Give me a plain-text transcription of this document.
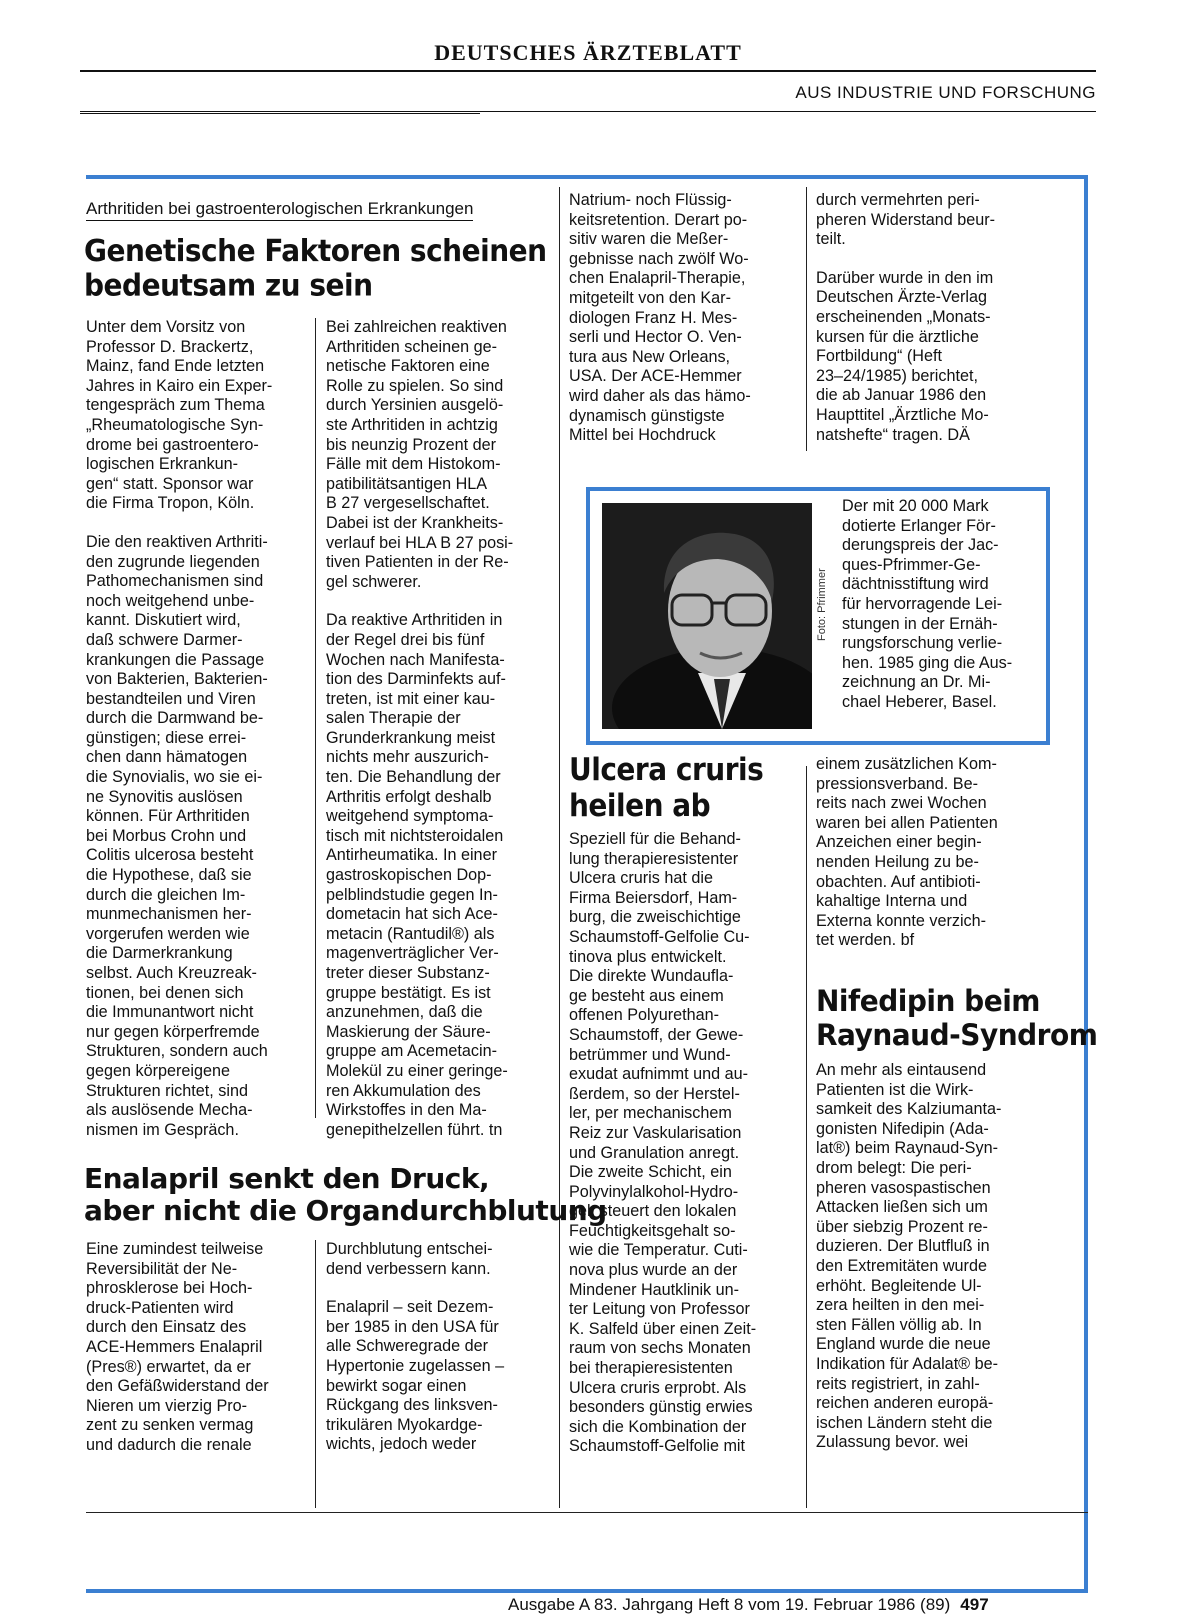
DEUTSCHES ÄRZTEBLATT
AUS INDUSTRIE UND FORSCHUNG
Arthritiden bei gastroenterologischen Erkrankungen
Genetische Faktoren scheinen
bedeutsam zu sein

Unter dem Vorsitz von
Professor D. Brackertz,
Mainz, fand Ende letzten
Jahres in Kairo ein Exper-
tengespräch zum Thema
„Rheumatologische Syn-
drome bei gastroentero-
logischen Erkrankun-
gen“ statt. Sponsor war
die Firma Tropon, Köln.

Die den reaktiven Arthriti-
den zugrunde liegenden
Pathomechanismen sind
noch weitgehend unbe-
kannt. Diskutiert wird,
daß schwere Darmer-
krankungen die Passage
von Bakterien, Bakterien-
bestandteilen und Viren
durch die Darmwand be-
günstigen; diese errei-
chen dann hämatogen
die Synovialis, wo sie ei-
ne Synovitis auslösen
können. Für Arthritiden
bei Morbus Crohn und
Colitis ulcerosa besteht
die Hypothese, daß sie
durch die gleichen Im-
munmechanismen her-
vorgerufen werden wie
die Darmerkrankung
selbst. Auch Kreuzreak-
tionen, bei denen sich
die Immunantwort nicht
nur gegen körperfremde
Strukturen, sondern auch
gegen körpereigene
Strukturen richtet, sind
als auslösende Mecha-
nismen im Gespräch.

Bei zahlreichen reaktiven
Arthritiden scheinen ge-
netische Faktoren eine
Rolle zu spielen. So sind
durch Yersinien ausgelö-
ste Arthritiden in achtzig
bis neunzig Prozent der
Fälle mit dem Histokom-
patibilitätsantigen HLA
B 27 vergesellschaftet.
Dabei ist der Krankheits-
verlauf bei HLA B 27 posi-
tiven Patienten in der Re-
gel schwerer.

Da reaktive Arthritiden in
der Regel drei bis fünf
Wochen nach Manifesta-
tion des Darminfekts auf-
treten, ist mit einer kau-
salen Therapie der
Grunderkrankung meist
nichts mehr auszurich-
ten. Die Behandlung der
Arthritis erfolgt deshalb
weitgehend symptoma-
tisch mit nichtsteroidalen
Antirheumatika. In einer
gastroskopischen Dop-
pelblindstudie gegen In-
dometacin hat sich Ace-
metacin (Rantudil®) als
magenverträglicher Ver-
treter dieser Substanz-
gruppe bestätigt. Es ist
anzunehmen, daß die
Maskierung der Säure-
gruppe am Acemetacin-
Molekül zu einer geringe-
ren Akkumulation des
Wirkstoffes in den Ma-
genepithelzellen führt. tn

Enalapril senkt den Druck,
aber nicht die Organdurchblutung

Eine zumindest teilweise
Reversibilität der Ne-
phrosklerose bei Hoch-
druck-Patienten wird
durch den Einsatz des
ACE-Hemmers Enalapril
(Pres®) erwartet, da er
den Gefäßwiderstand der
Nieren um vierzig Pro-
zent zu senken vermag
und dadurch die renale

Durchblutung entschei-
dend verbessern kann.

Enalapril – seit Dezem-
ber 1985 in den USA für
alle Schweregrade der
Hypertonie zugelassen –
bewirkt sogar einen
Rückgang des linksven-
trikulären Myokardge-
wichts, jedoch weder

Natrium- noch Flüssig-
keitsretention. Derart po-
sitiv waren die Meßer-
gebnisse nach zwölf Wo-
chen Enalapril-Therapie,
mitgeteilt von den Kar-
diologen Franz H. Mes-
serli und Hector O. Ven-
tura aus New Orleans,
USA. Der ACE-Hemmer
wird daher als das hämo-
dynamisch günstigste
Mittel bei Hochdruck

durch vermehrten peri-
pheren Widerstand beur-
teilt.

Darüber wurde in den im
Deutschen Ärzte-Verlag
erscheinenden „Monats-
kursen für die ärztliche
Fortbildung“ (Heft
23–24/1985) berichtet,
die ab Januar 1986 den
Haupttitel „Ärztliche Mo-
natshefte“ tragen. DÄ

Foto: Pfrimmer

Der mit 20 000 Mark
dotierte Erlanger För-
derungspreis der Jac-
ques-Pfrimmer-Ge-
dächtnisstiftung wird
für hervorragende Lei-
stungen in der Ernäh-
rungsforschung verlie-
hen. 1985 ging die Aus-
zeichnung an Dr. Mi-
chael Heberer, Basel.

Ulcera cruris
heilen ab

Speziell für die Behand-
lung therapieresistenter
Ulcera cruris hat die
Firma Beiersdorf, Ham-
burg, die zweischichtige
Schaumstoff-Gelfolie Cu-
tinova plus entwickelt.
Die direkte Wundaufla-
ge besteht aus einem
offenen Polyurethan-
Schaumstoff, der Gewe-
betrümmer und Wund-
exudat aufnimmt und au-
ßerdem, so der Herstel-
ler, per mechanischem
Reiz zur Vaskularisation
und Granulation anregt.
Die zweite Schicht, ein
Polyvinylalkohol-Hydro-
gel, steuert den lokalen
Feuchtigkeitsgehalt so-
wie die Temperatur. Cuti-
nova plus wurde an der
Mindener Hautklinik un-
ter Leitung von Professor
K. Salfeld über einen Zeit-
raum von sechs Monaten
bei therapieresistenten
Ulcera cruris erprobt. Als
besonders günstig erwies
sich die Kombination der
Schaumstoff-Gelfolie mit

einem zusätzlichen Kom-
pressionsverband. Be-
reits nach zwei Wochen
waren bei allen Patienten
Anzeichen einer begin-
nenden Heilung zu be-
obachten. Auf antibioti-
kahaltige Interna und
Externa konnte verzich-
tet werden. bf

Nifedipin beim
Raynaud-Syndrom

An mehr als eintausend
Patienten ist die Wirk-
samkeit des Kalziumanta-
gonisten Nifedipin (Ada-
lat®) beim Raynaud-Syn-
drom belegt: Die peri-
pheren vasospastischen
Attacken ließen sich um
über siebzig Prozent re-
duzieren. Der Blutfluß in
den Extremitäten wurde
erhöht. Begleitende Ul-
zera heilten in den mei-
sten Fällen völlig ab. In
England wurde die neue
Indikation für Adalat® be-
reits registriert, in zahl-
reichen anderen europä-
ischen Ländern steht die
Zulassung bevor. wei

Ausgabe A 83. Jahrgang Heft 8 vom 19. Februar 1986 (89) 497
